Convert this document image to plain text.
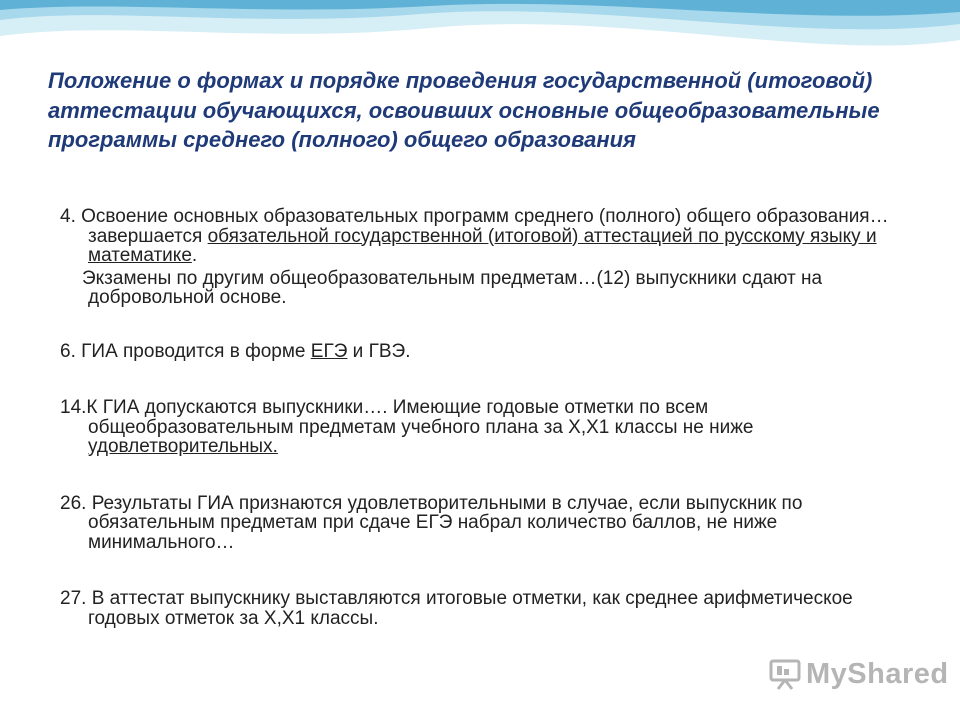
Положение о формах и порядке проведения государственной (итоговой) аттестации обучающихся, освоивших основные общеобразовательные программы среднего (полного) общего образования

4. Освоение основных образовательных программ среднего (полного) общего образования…завершается обязательной государственной (итоговой) аттестацией по русскому языку и математике.

Экзамены по другим общеобразовательным предметам…(12) выпускники сдают на добровольной основе.

6. ГИА проводится в форме ЕГЭ и ГВЭ.

14.К ГИА допускаются выпускники…. Имеющие годовые отметки по всем общеобразовательным предметам учебного плана за X,X1 классы не ниже удовлетворительных.

26. Результаты ГИА признаются удовлетворительными в случае, если выпускник по обязательным предметам при сдаче ЕГЭ набрал количество баллов, не ниже минимального…

27. В аттестат выпускнику выставляются итоговые отметки, как среднее арифметическое годовых отметок за X,X1 классы.

MyShared
